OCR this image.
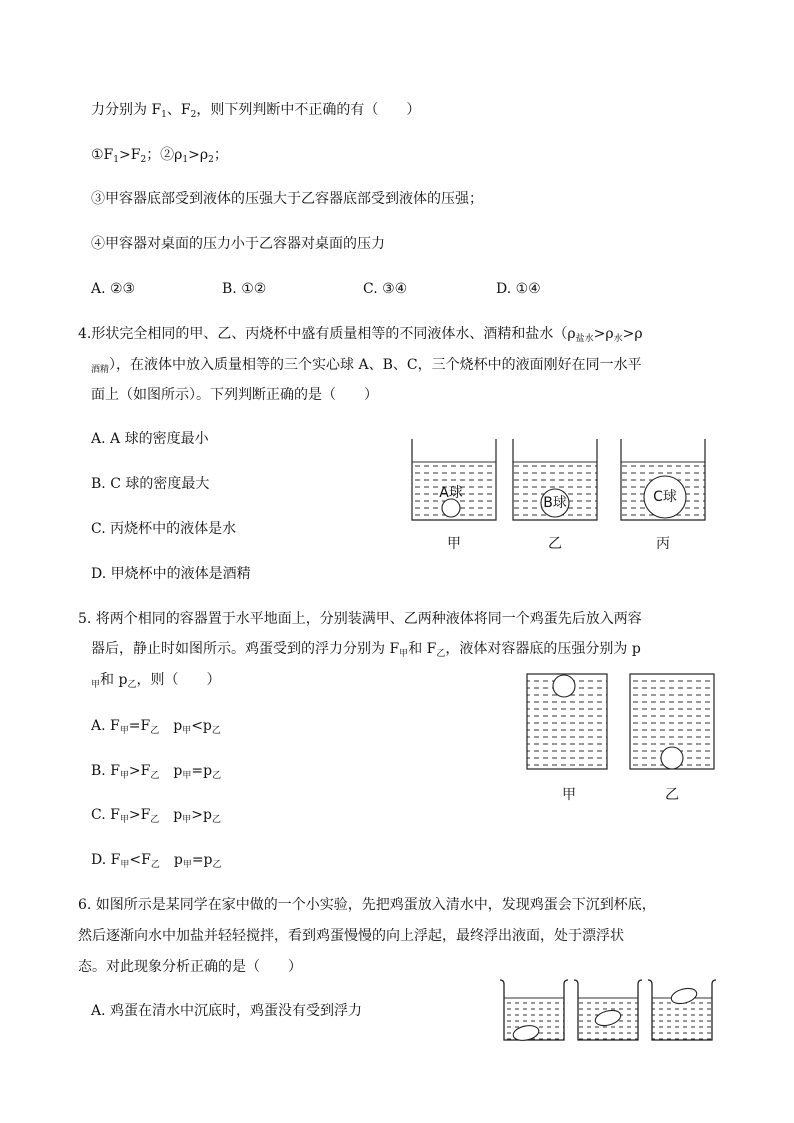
力分别为 $F_1$、$F_2$，则下列判断中不正确的有（　　）
$①F_1>F_2$；$②\rho_1>\rho_2$；
③甲容器底部受到液体的压强大于乙容器底部受到液体的压强；
④甲容器对桌面的压力小于乙容器对桌面的压力
A. ②③	B. ①②	C. ③④	D. ①④
4.形状完全相同的甲、乙、丙烧杯中盛有质量相等的不同液体水、酒精和盐水（$\rho_{盐水}>\rho_水>\rho$
$_{酒精}$），在液体中放入质量相等的三个实心球 A、B、C，三个烧杯中的液面刚好在同一水平
面上（如图所示）。下列判断正确的是（　　）
A. A 球的密度最小
B. C 球的密度最大
C. 丙烧杯中的液体是水
D. 甲烧杯中的液体是酒精
A球
B球	C球
甲	乙	丙
5. 将两个相同的容器置于水平地面上，分别装满甲、乙两种液体将同一个鸡蛋先后放入两容
器后，静止时如图所示。鸡蛋受到的浮力分别为 $F_甲$和 $F_乙$，液体对容器底的压强分别为 p
$_甲$和 $p_乙$，则（　　）
A. $F_甲=F_乙$　$p_甲<p_乙$
B. $F_甲>F_乙$　$p_甲=p_乙$
C. $F_甲>F_乙$　$p_甲>p_乙$
D. $F_甲<F_乙$　$p_甲=p_乙$
甲	乙
6. 如图所示是某同学在家中做的一个小实验，先把鸡蛋放入清水中，发现鸡蛋会下沉到杯底，
然后逐渐向水中加盐并轻轻搅拌，看到鸡蛋慢慢的向上浮起，最终浮出液面，处于漂浮状
态。对此现象分析正确的是（　　）
A. 鸡蛋在清水中沉底时，鸡蛋没有受到浮力
